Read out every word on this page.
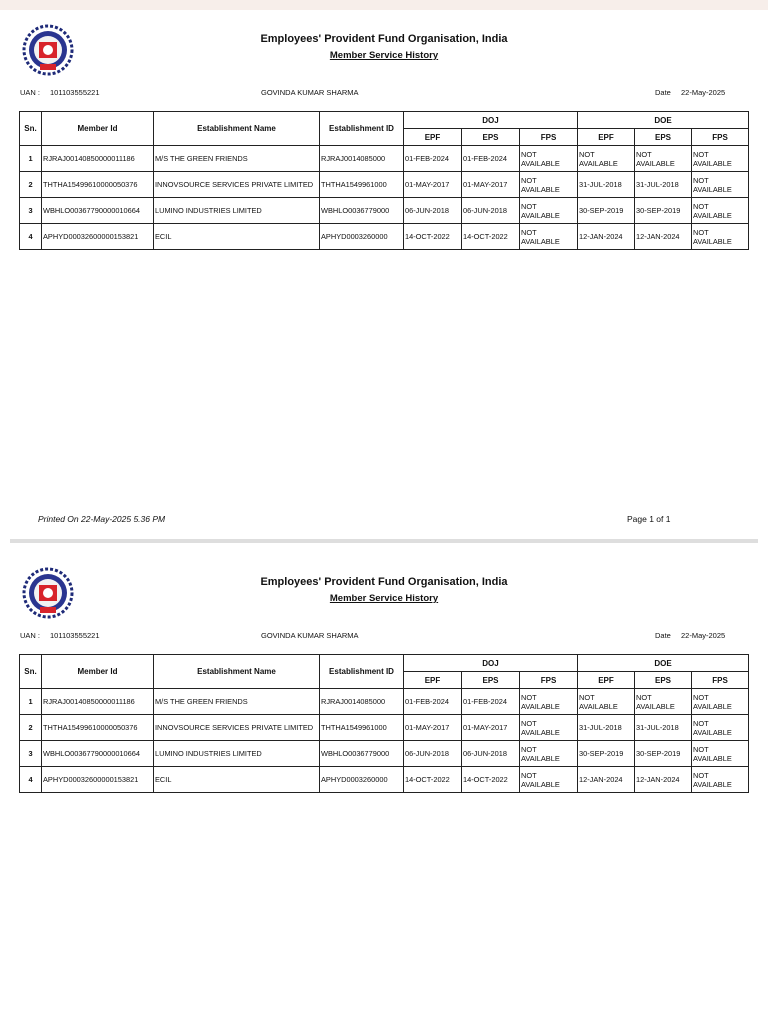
Employees' Provident Fund Organisation, India
Member Service History
UAN : 101103555221	GOVINDA KUMAR SHARMA	Date 22-May-2025
Sn.	Member Id	Establishment Name	Establishment ID	DOJ			DOE		
				EPF	EPS	FPS	EPF	EPS	FPS
1	RJRAJ00140850000011186	M/S THE GREEN FRIENDS	RJRAJ0014085000	01-FEB-2024	01-FEB-2024	NOT AVAILABLE	NOT AVAILABLE	NOT AVAILABLE	NOT AVAILABLE
2	THTHA15499610000050376	INNOVSOURCE SERVICES PRIVATE LIMITED	THTHA1549961000	01-MAY-2017	01-MAY-2017	NOT AVAILABLE	31-JUL-2018	31-JUL-2018	NOT AVAILABLE
3	WBHLO00367790000010664	LUMINO INDUSTRIES LIMITED	WBHLO0036779000	06-JUN-2018	06-JUN-2018	NOT AVAILABLE	30-SEP-2019	30-SEP-2019	NOT AVAILABLE
4	APHYD00032600000153821	ECIL	APHYD0003260000	14-OCT-2022	14-OCT-2022	NOT AVAILABLE	12-JAN-2024	12-JAN-2024	NOT AVAILABLE
Printed On 22-May-2025 5.36 PM	Page 1 of 1
Employees' Provident Fund Organisation, India
Member Service History
UAN : 101103555221	GOVINDA KUMAR SHARMA	Date 22-May-2025
Sn.	Member Id	Establishment Name	Establishment ID	DOJ			DOE		
				EPF	EPS	FPS	EPF	EPS	FPS
1	RJRAJ00140850000011186	M/S THE GREEN FRIENDS	RJRAJ0014085000	01-FEB-2024	01-FEB-2024	NOT AVAILABLE	NOT AVAILABLE	NOT AVAILABLE	NOT AVAILABLE
2	THTHA15499610000050376	INNOVSOURCE SERVICES PRIVATE LIMITED	THTHA1549961000	01-MAY-2017	01-MAY-2017	NOT AVAILABLE	31-JUL-2018	31-JUL-2018	NOT AVAILABLE
3	WBHLO00367790000010664	LUMINO INDUSTRIES LIMITED	WBHLO0036779000	06-JUN-2018	06-JUN-2018	NOT AVAILABLE	30-SEP-2019	30-SEP-2019	NOT AVAILABLE
4	APHYD00032600000153821	ECIL	APHYD0003260000	14-OCT-2022	14-OCT-2022	NOT AVAILABLE	12-JAN-2024	12-JAN-2024	NOT AVAILABLE
